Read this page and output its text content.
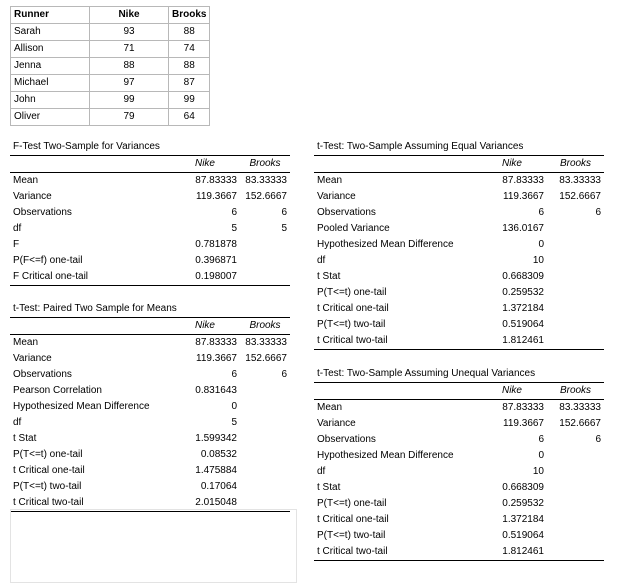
Runner	Nike	Brooks
Sarah	93	88
Allison	71	74
Jenna	88	88
Michael	97	87
John	99	99
Oliver	79	64
F-Test Two-Sample for Variances		
	Nike	Brooks
Mean	87.83333	83.33333
Variance	119.3667	152.6667
Observations	6	6
df	5	5
F	0.781878	
P(F<=f) one-tail	0.396871	
F Critical one-tail	0.198007	
t-Test: Paired Two Sample for Means		
	Nike	Brooks
Mean	87.83333	83.33333
Variance	119.3667	152.6667
Observations	6	6
Pearson Correlation	0.831643	
Hypothesized Mean Difference	0	
df	5	
t Stat	1.599342	
P(T<=t) one-tail	0.08532	
t Critical one-tail	1.475884	
P(T<=t) two-tail	0.17064	
t Critical two-tail	2.015048	
t-Test: Two-Sample Assuming Equal Variances		
	Nike	Brooks
Mean	87.83333	83.33333
Variance	119.3667	152.6667
Observations	6	6
Pooled Variance	136.0167	
Hypothesized Mean Difference	0	
df	10	
t Stat	0.668309	
P(T<=t) one-tail	0.259532	
t Critical one-tail	1.372184	
P(T<=t) two-tail	0.519064	
t Critical two-tail	1.812461	
t-Test: Two-Sample Assuming Unequal Variances		
	Nike	Brooks
Mean	87.83333	83.33333
Variance	119.3667	152.6667
Observations	6	6
Hypothesized Mean Difference	0	
df	10	
t Stat	0.668309	
P(T<=t) one-tail	0.259532	
t Critical one-tail	1.372184	
P(T<=t) two-tail	0.519064	
t Critical two-tail	1.812461	
